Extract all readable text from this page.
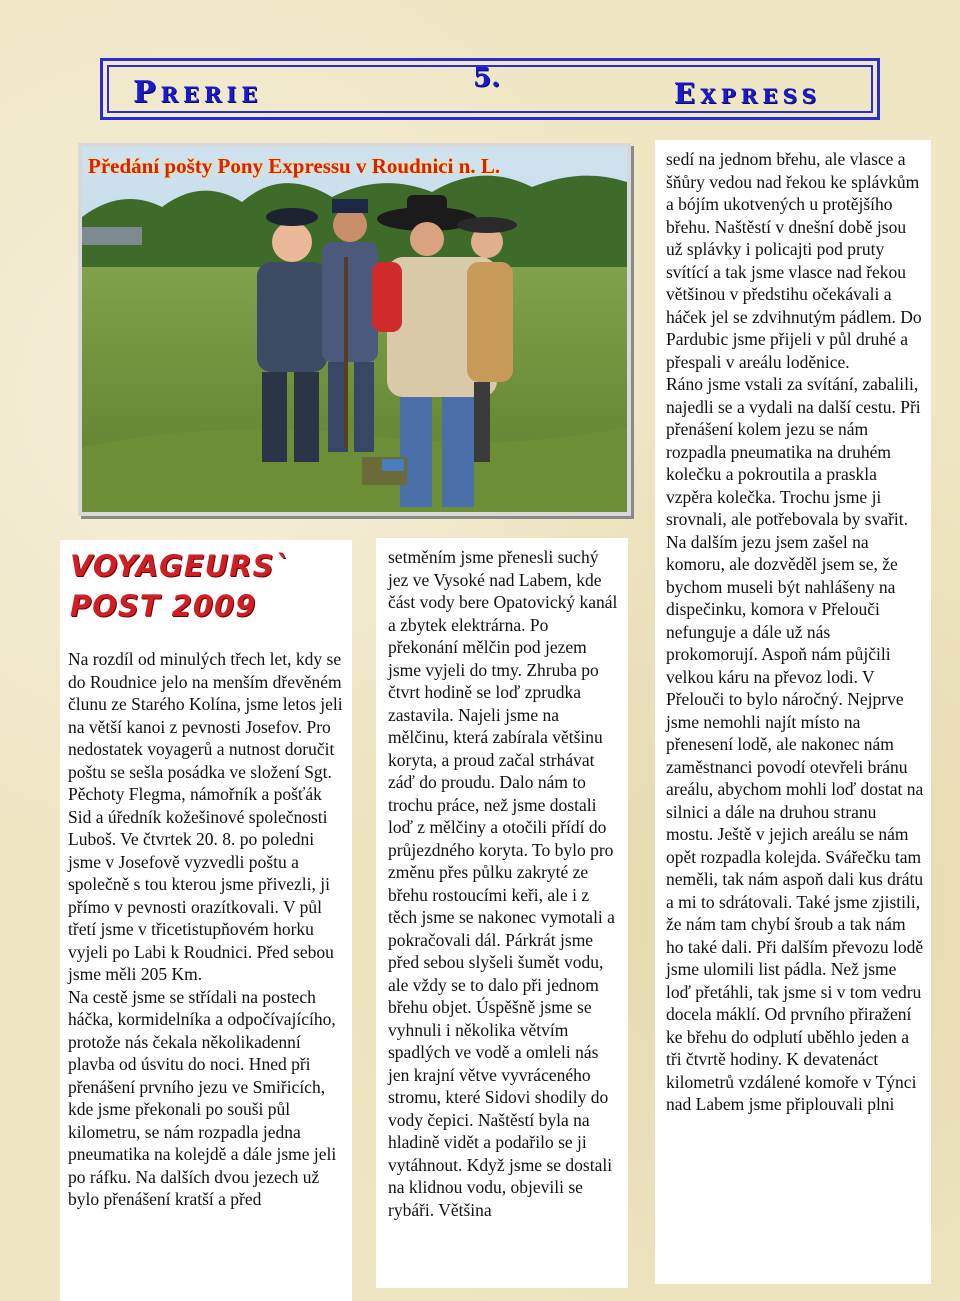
Prerie	5.	Express
Předání pošty Pony Expressu v Roudnici n. L.	sedí na jednom břehu, ale vlasce a šňůry vedou nad řekou ke splávkům a bójím ukotvených u protějšího břehu. Naštěstí v dnešní době jsou už splávky i policajti pod pruty svítící a tak jsme vlasce nad řekou většinou v předstihu očekávali a háček jel se zdvihnutým pádlem. Do Pardubic jsme přijeli v půl druhé a přespali v areálu loděnice.

Ráno jsme vstali za svítání, zabalili, najedli se a vydali na další cestu. Při přenášení kolem jezu se nám rozpadla pneumatika na druhém kolečku a pokroutila a praskla vzpěra kolečka. Trochu jsme ji srovnali, ale potřebovala by svařit. Na dalším jezu jsem zašel na komoru, ale dozvěděl jsem se, že bychom museli být nahlášeny na dispečinku, komora v Přelouči nefunguje a dále už nás prokomorují. Aspoň nám půjčili velkou káru na převoz lodi. V Přelouči to bylo náročný. Nejprve jsme nemohli najít místo na přenesení lodě, ale nakonec nám zaměstnanci povodí otevřeli bránu areálu, abychom mohli loď dostat na silnici a dále na druhou stranu mostu. Ještě v jejich areálu se nám opět rozpadla kolejda. Svářečku tam neměli, tak nám aspoň dali kus drátu a mi to sdrátovali. Také jsme zjistili, že nám tam chybí šroub a tak nám ho také dali. Při dalším převozu lodě jsme ulomili list pádla. Než jsme loď přetáhli, tak jsme si v tom vedru docela máklí. Od prvního přiražení ke břehu do odplutí uběhlo jeden a tři čtvrtě hodiny. K devatenáct kilometrů vzdálené komoře v Týnci nad Labem jsme připlouvali plni

Na rozdíl od minulých třech let, kdy se do Roudnice jelo na menším dřevěném člunu ze Starého Kolína, jsme letos jeli na větší kanoi z pevnosti Josefov. Pro nedostatek voyagerů a nutnost doručit poštu se sešla posádka ve složení Sgt. Pěchoty Flegma, námořník a pošťák Sid a úředník kožešinové společnosti Luboš. Ve čtvrtek 20. 8. po poledni jsme v Josefově vyzvedli poštu a společně s tou kterou jsme přivezli, ji přímo v pevnosti orazítkovali. V půl třetí jsme v třicetistupňovém horku vyjeli po Labi k Roudnici. Před sebou jsme měli 205 Km.

Na cestě jsme se střídali na postech háčka, kormidelníka a odpočívajícího, protože nás čekala několikadenní plavba od úsvitu do noci. Hned při přenášení prvního jezu ve Smiřicích, kde jsme překonali po souši půl kilometru, se nám rozpadla jedna pneumatika na kolejdě a dále jsme jeli po ráfku. Na dalších dvou jezech už bylo přenášení kratší a před

VOYAGEURS`
POST 2009

setměním jsme přenesli suchý jez ve Vysoké nad Labem, kde část vody bere Opatovický kanál a zbytek elektrárna. Po překonání mělčin pod jezem jsme vyjeli do tmy. Zhruba po čtvrt hodině se loď zprudka zastavila. Najeli jsme na mělčinu, která zabírala většinu koryta, a proud začal strhávat záď do proudu. Dalo nám to trochu práce, než jsme dostali loď z mělčiny a otočili přídí do průjezdného koryta. To bylo pro změnu přes půlku zakryté ze břehu rostoucími keři, ale i z těch jsme se nakonec vymotali a pokračovali dál. Párkrát jsme před sebou slyšeli šumět vodu, ale vždy se to dalo při jednom břehu objet. Úspěšně jsme se vyhnuli i několika větvím spadlých ve vodě a omleli nás jen krajní větve vyvráceného stromu, které Sidovi shodily do vody čepici. Naštěstí byla na hladině vidět a podařilo se ji vytáhnout. Když jsme se dostali na klidnou vodu, objevili se rybáři. Většina
